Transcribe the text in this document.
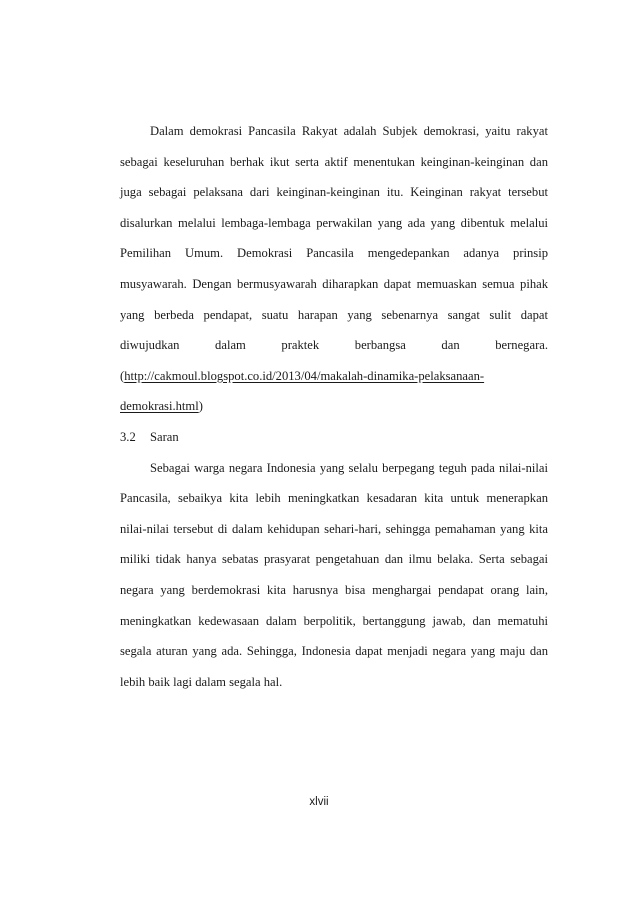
Dalam demokrasi Pancasila Rakyat adalah Subjek demokrasi, yaitu rakyat
sebagai keseluruhan berhak ikut serta aktif menentukan keinginan-keinginan dan
juga sebagai pelaksana dari keinginan-keinginan itu. Keinginan rakyat tersebut
disalurkan melalui lembaga-lembaga perwakilan yang ada yang dibentuk melalui
Pemilihan Umum. Demokrasi Pancasila mengedepankan adanya prinsip
musyawarah. Dengan bermusyawarah diharapkan dapat memuaskan semua pihak
yang berbeda pendapat, suatu harapan yang sebenarnya sangat sulit dapat
diwujudkan dalam praktek berbangsa dan bernegara.
(http://cakmoul.blogspot.co.id/2013/04/makalah-dinamika-pelaksanaan-
demokrasi.html)
3.2	Saran
Sebagai warga negara Indonesia yang selalu berpegang teguh pada nilai-nilai
Pancasila, sebaikya kita lebih meningkatkan kesadaran kita untuk menerapkan
nilai-nilai tersebut di dalam kehidupan sehari-hari, sehingga pemahaman yang kita
miliki tidak hanya sebatas prasyarat pengetahuan dan ilmu belaka. Serta sebagai
negara yang berdemokrasi kita harusnya bisa menghargai pendapat orang lain,
meningkatkan kedewasaan dalam berpolitik, bertanggung jawab, dan mematuhi
segala aturan yang ada. Sehingga, Indonesia dapat menjadi negara yang maju dan
lebih baik lagi dalam segala hal.
xlvii
